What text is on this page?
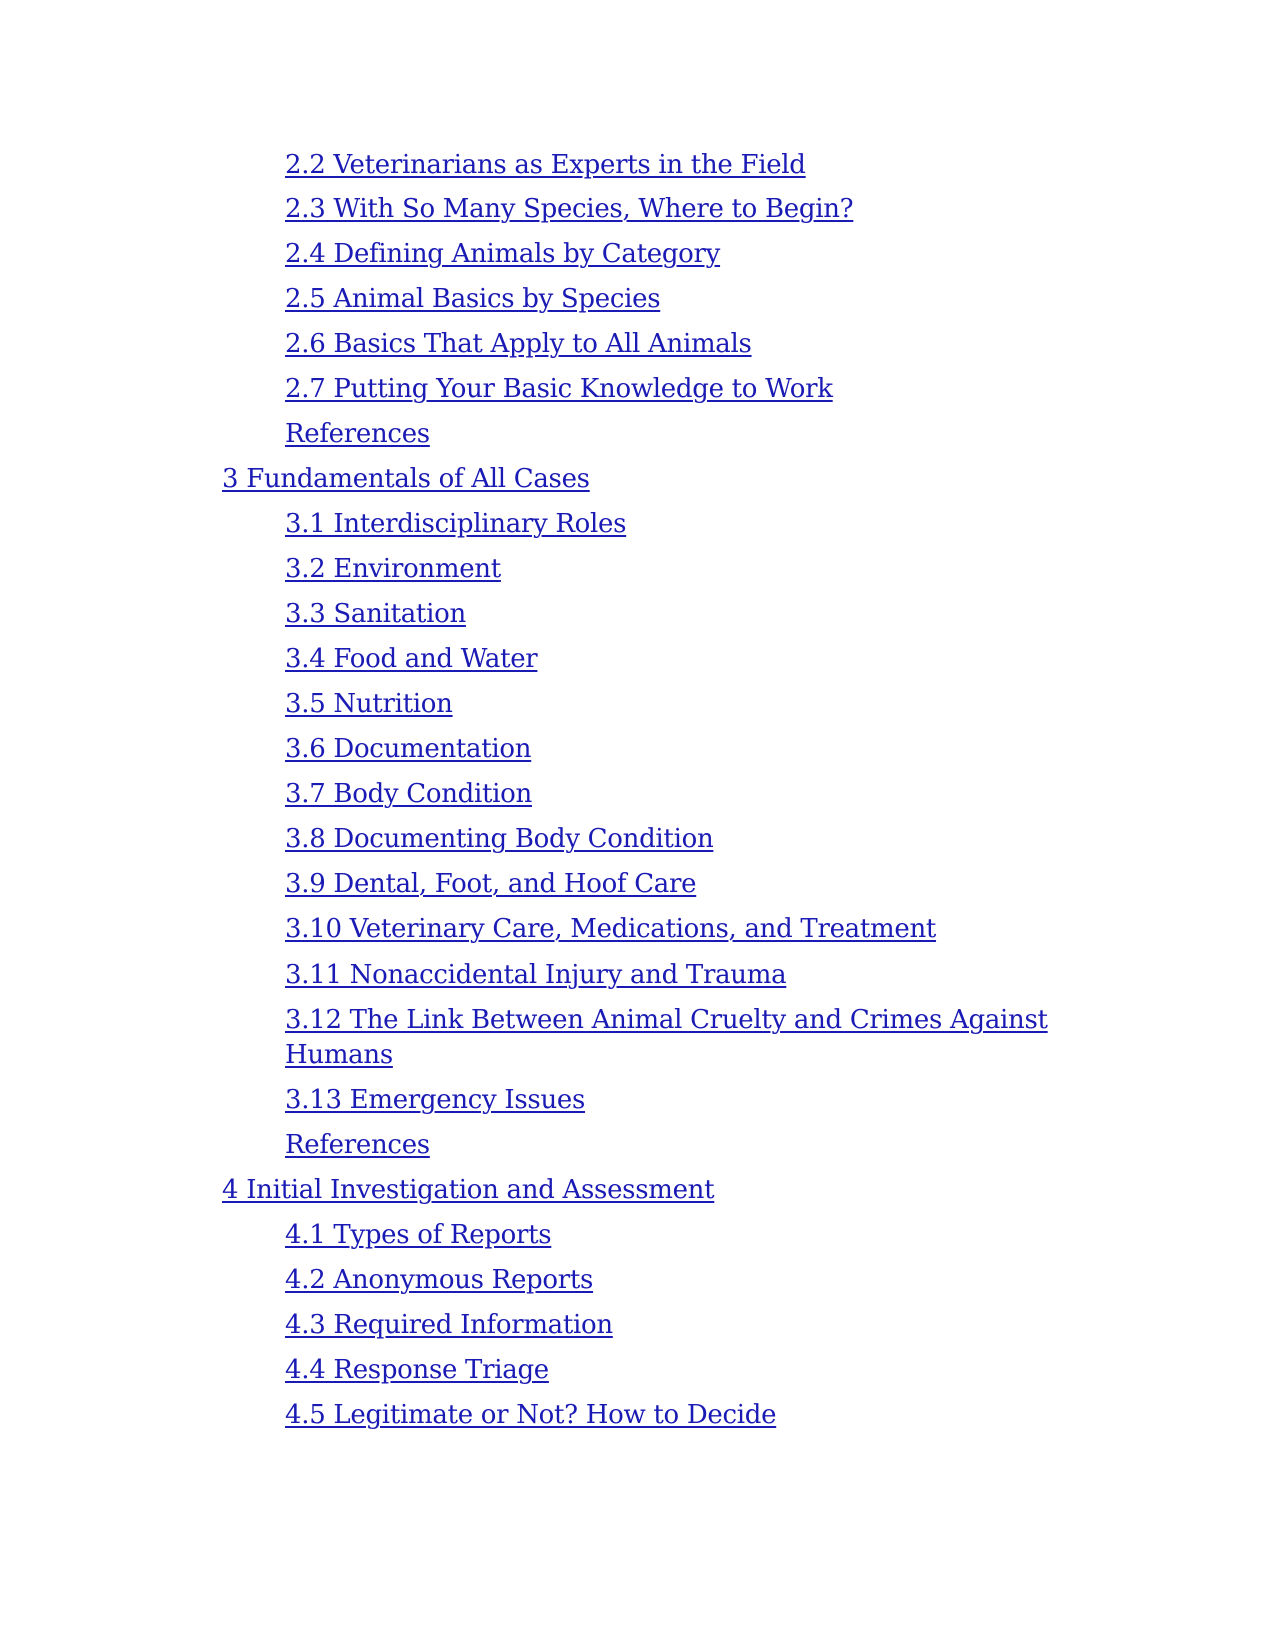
2.2 Veterinarians as Experts in the Field
2.3 With So Many Species, Where to Begin?
2.4 Defining Animals by Category
2.5 Animal Basics by Species
2.6 Basics That Apply to All Animals
2.7 Putting Your Basic Knowledge to Work
References
3 Fundamentals of All Cases
3.1 Interdisciplinary Roles
3.2 Environment
3.3 Sanitation
3.4 Food and Water
3.5 Nutrition
3.6 Documentation
3.7 Body Condition
3.8 Documenting Body Condition
3.9 Dental, Foot, and Hoof Care
3.10 Veterinary Care, Medications, and Treatment
3.11 Nonaccidental Injury and Trauma
3.12 The Link Between Animal Cruelty and Crimes Against Humans
3.13 Emergency Issues
References
4 Initial Investigation and Assessment
4.1 Types of Reports
4.2 Anonymous Reports
4.3 Required Information
4.4 Response Triage
4.5 Legitimate or Not? How to Decide
